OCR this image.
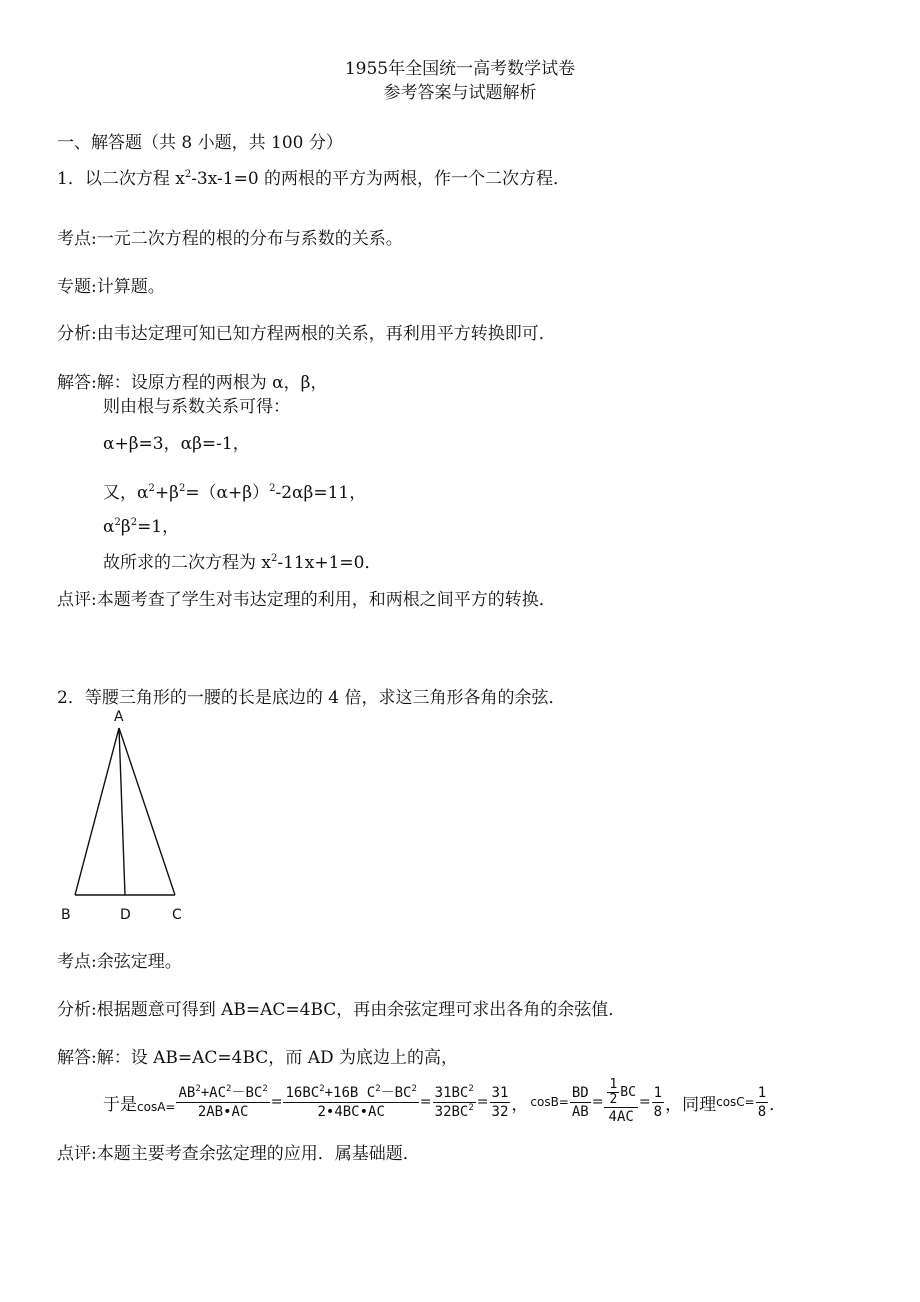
1955年全国统一高考数学试卷
参考答案与试题解析
一、解答题（共 8 小题，共 100 分）
1．以二次方程 $x^2-3x-1=0$ 的两根的平方为两根，作一个二次方程．
考点:一元二次方程的根的分布与系数的关系。
专题:计算题。
分析:由韦达定理可知已知方程两根的关系，再利用平方转换即可．
解答:解：设原方程的两根为 α，β，
则由根与系数关系可得：
α+β=3，αβ=-1，
又，$\alpha^2+\beta^2=(\alpha+\beta)^2-2\alpha\beta=11$，
$\alpha^2\beta^2=1$，
故所求的二次方程为 $x^2-11x+1=0$．
点评:本题考查了学生对韦达定理的利用，和两根之间平方的转换．
2．等腰三角形的一腰的长是底边的 4 倍，求这三角形各角的余弦．
A
B	D	C
考点:余弦定理。
分析:根据题意可得到 AB=AC=4BC，再由余弦定理可求出各角的余弦值．
解答:解：设 AB=AC=4BC，而 AD 为底边上的高，
于是 $\cos A= \frac{AB^2+AC^2-BC^2}{2AB•AC} = \frac{16BC^2+16B C^2-BC^2}{2•4BC•AC} = \frac{31BC^2}{32BC^2} = \frac{31}{32}$ ， $\cos B= \frac{BD}{AB} = \frac{\frac{1}{2} BC}{4AC} = \frac{1}{8}$ ，同理 $\cos C= \frac{1}{8}$ ．
点评:本题主要考查余弦定理的应用．属基础题．
